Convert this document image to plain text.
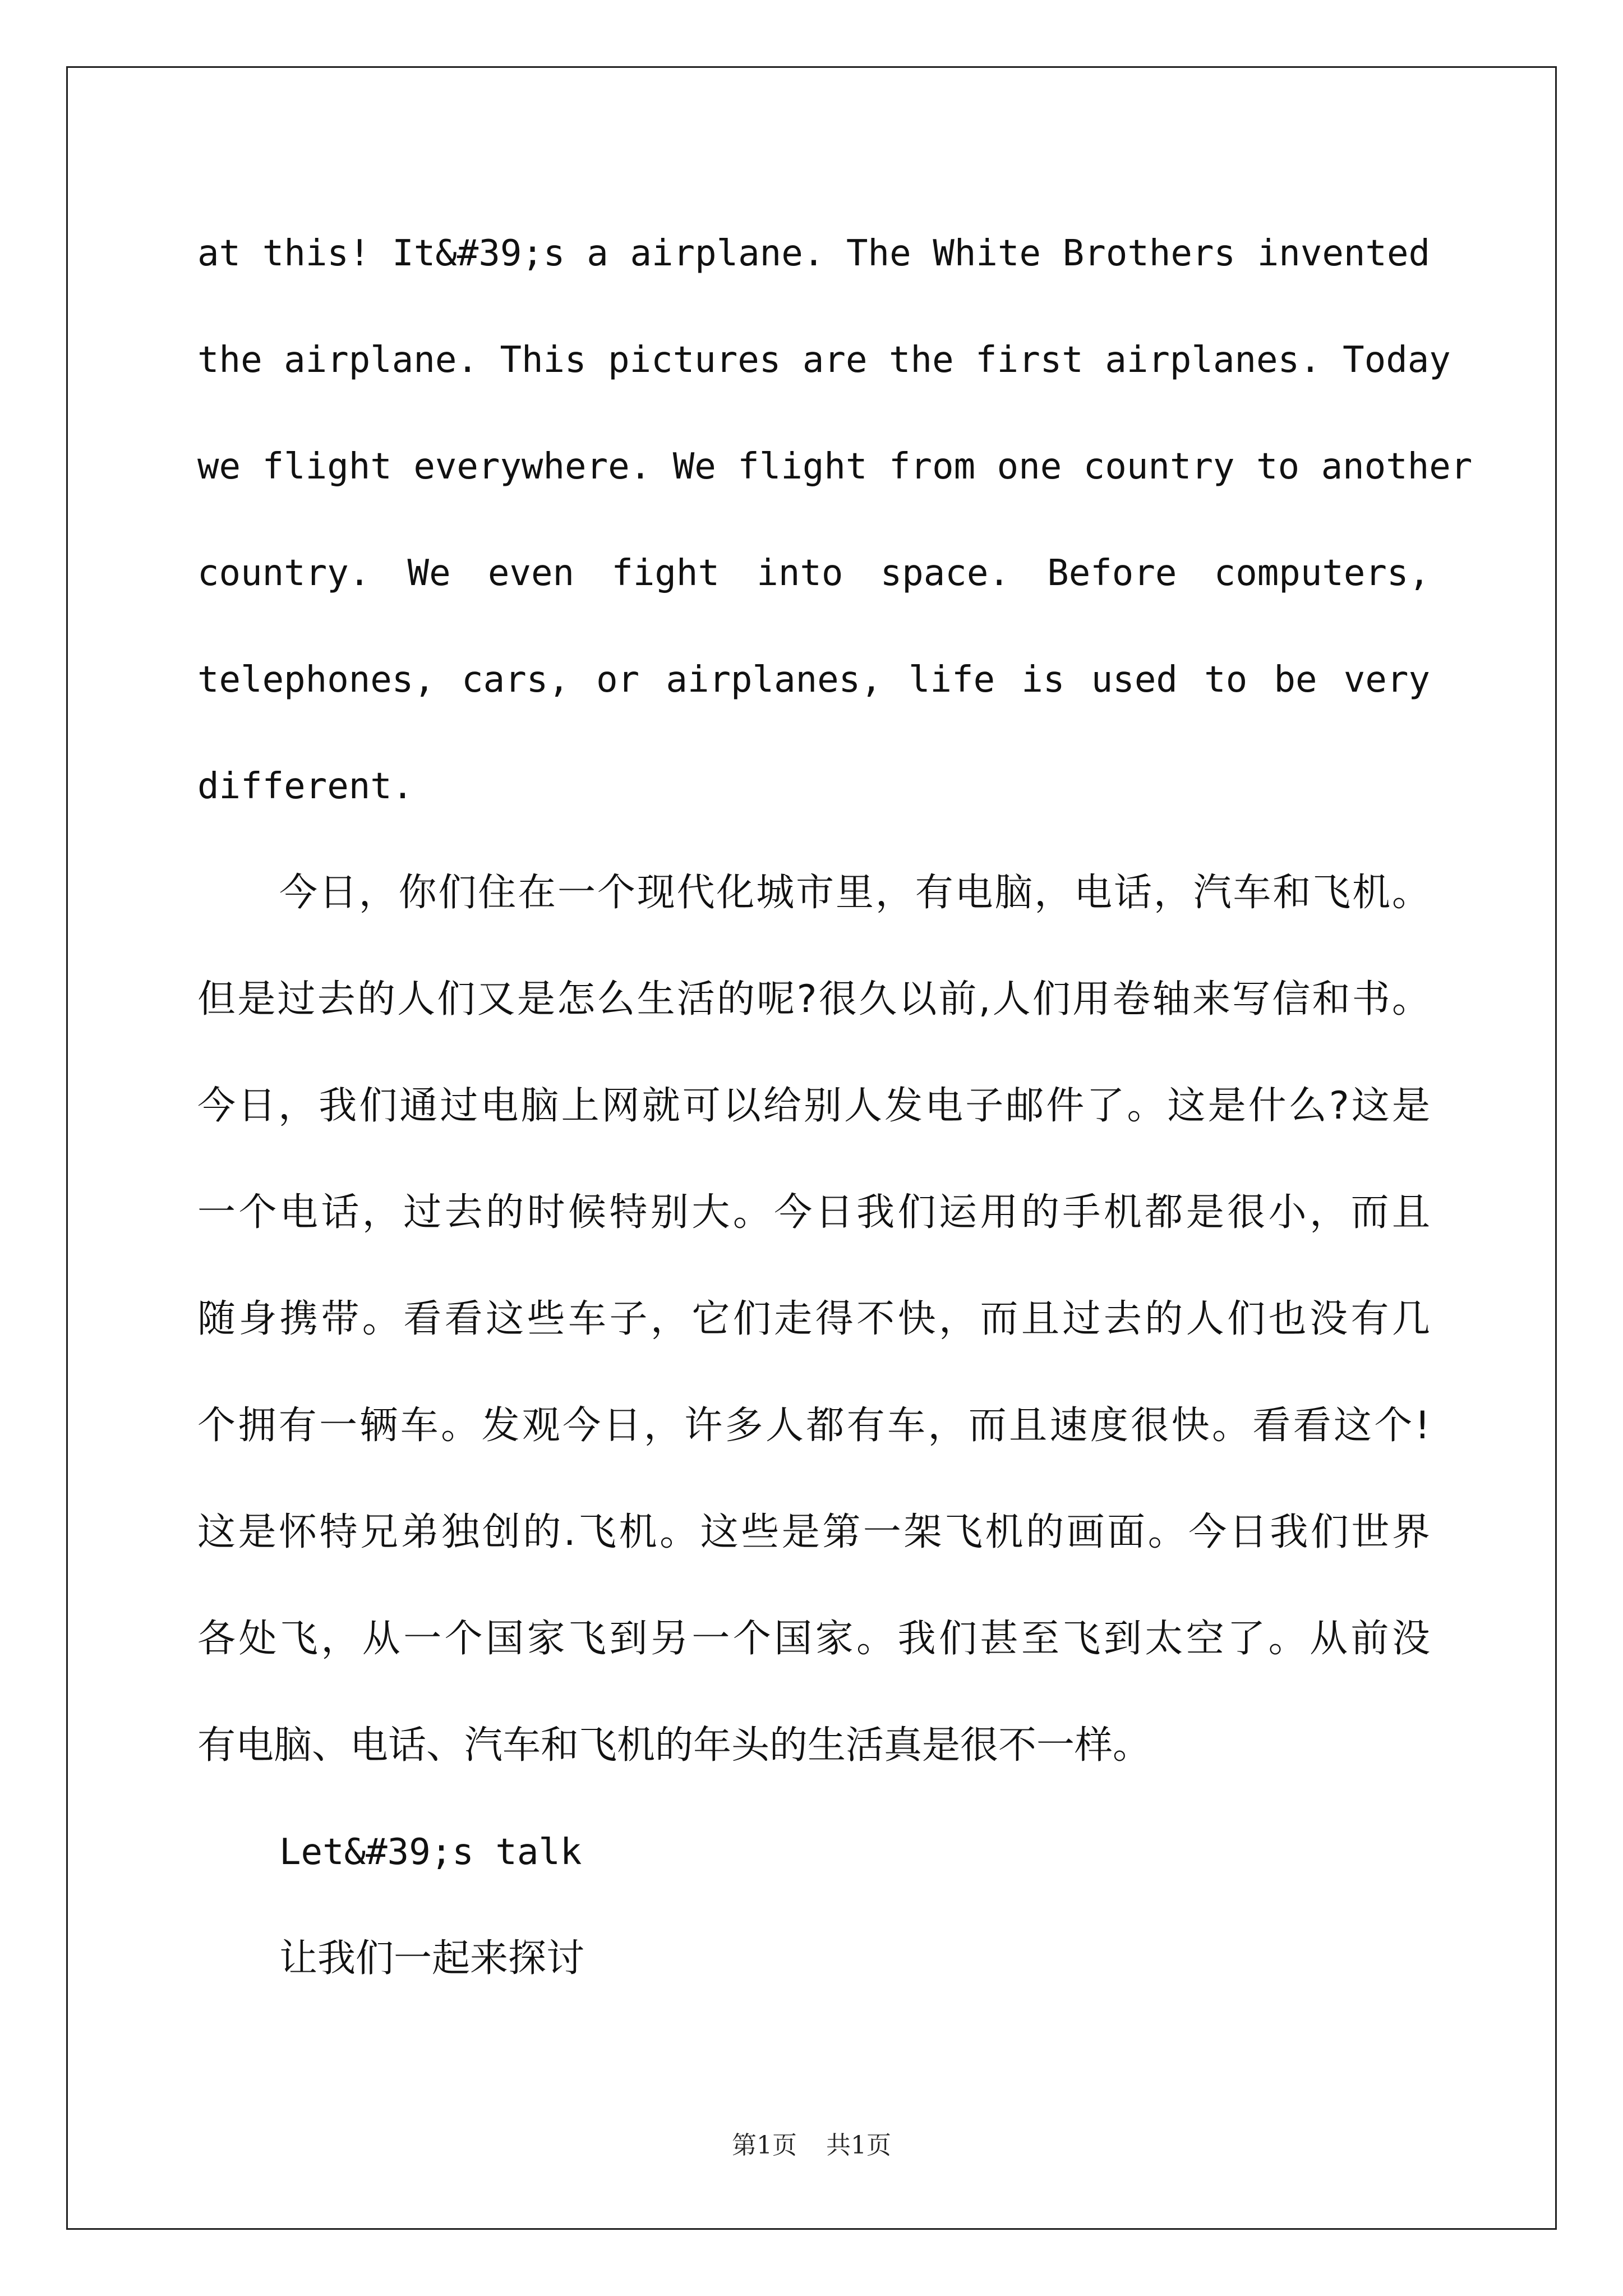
at this! It&#39;s a airplane. The White Brothers invented

the airplane. This pictures are the first airplanes. Today

we flight everywhere. We flight from one country to another

country. We even fight into space. Before computers,

telephones, cars, or airplanes, life is used to be very

different.

今日，你们住在一个现代化城市里，有电脑，电话，汽车和飞机。
但是过去的人们又是怎么生活的呢?很久以前,人们用卷轴来写信和书。
今日，我们通过电脑上网就可以给别人发电子邮件了。这是什么?这是
一个电话，过去的时候特别大。今日我们运用的手机都是很小，而且
随身携带。看看这些车子，它们走得不快，而且过去的人们也没有几
个拥有一辆车。发观今日，许多人都有车，而且速度很快。看看这个!
这是怀特兄弟独创的.飞机。这些是第一架飞机的画面。今日我们世界
各处飞，从一个国家飞到另一个国家。我们甚至飞到太空了。从前没
有电脑、电话、汽车和飞机的年头的生活真是很不一样。

Let&#39;s talk

让我们一起来探讨

第1页 共1页
